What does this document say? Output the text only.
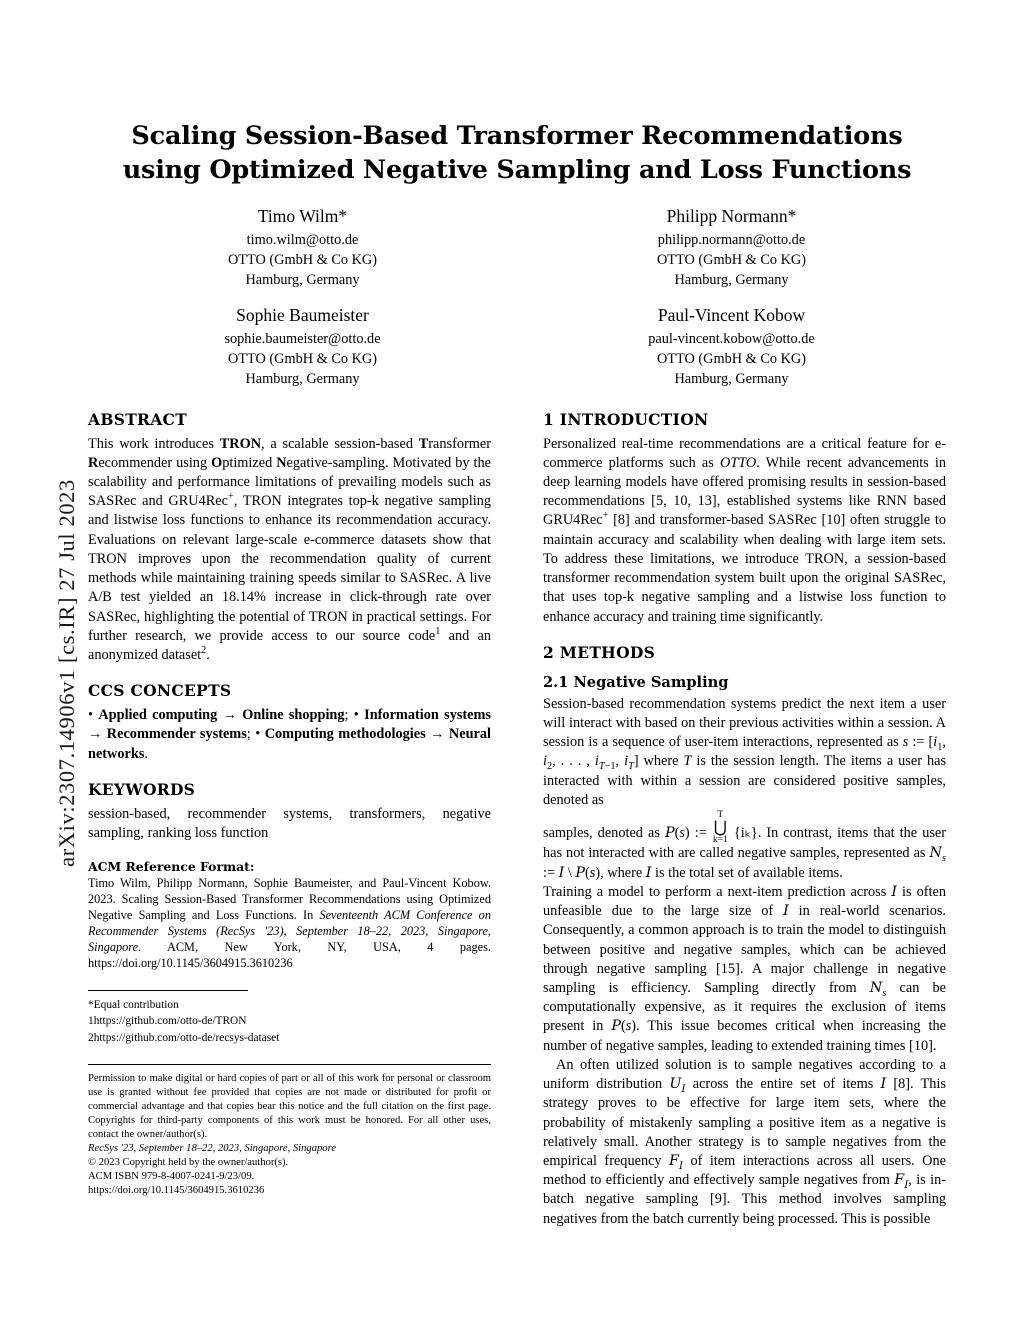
arXiv:2307.14906v1 [cs.IR] 27 Jul 2023
Scaling Session-Based Transformer Recommendations using Optimized Negative Sampling and Loss Functions
Timo Wilm*
timo.wilm@otto.de
OTTO (GmbH & Co KG)
Hamburg, Germany
Philipp Normann*
philipp.normann@otto.de
OTTO (GmbH & Co KG)
Hamburg, Germany
Sophie Baumeister
sophie.baumeister@otto.de
OTTO (GmbH & Co KG)
Hamburg, Germany
Paul-Vincent Kobow
paul-vincent.kobow@otto.de
OTTO (GmbH & Co KG)
Hamburg, Germany
ABSTRACT

This work introduces TRON, a scalable session-based Transformer Recommender using Optimized Negative-sampling. Motivated by the scalability and performance limitations of prevailing models such as SASRec and GRU4Rec+, TRON integrates top-k negative sampling and listwise loss functions to enhance its recommendation accuracy. Evaluations on relevant large-scale e-commerce datasets show that TRON improves upon the recommendation quality of current methods while maintaining training speeds similar to SASRec. A live A/B test yielded an 18.14% increase in click-through rate over SASRec, highlighting the potential of TRON in practical settings. For further research, we provide access to our source code$^1$ and an anonymized dataset$^2$.

CCS CONCEPTS

• Applied computing → Online shopping; • Information systems → Recommender systems; • Computing methodologies → Neural networks.

KEYWORDS

session-based, recommender systems, transformers, negative sampling, ranking loss function

ACM Reference Format:

Timo Wilm, Philipp Normann, Sophie Baumeister, and Paul-Vincent Kobow. 2023. Scaling Session-Based Transformer Recommendations using Optimized Negative Sampling and Loss Functions. In Seventeenth ACM Conference on Recommender Systems (RecSys '23), September 18–22, 2023, Singapore, Singapore. ACM, New York, NY, USA, 4 pages. https://doi.org/10.1145/3604915.3610236

*Equal contribution
1https://github.com/otto-de/TRON
2https://github.com/otto-de/recsys-dataset
Permission to make digital or hard copies of part or all of this work for personal or classroom use is granted without fee provided that copies are not made or distributed for profit or commercial advantage and that copies bear this notice and the full citation on the first page. Copyrights for third-party components of this work must be honored. For all other uses, contact the owner/author(s).
RecSys '23, September 18–22, 2023, Singapore, Singapore
© 2023 Copyright held by the owner/author(s).
ACM ISBN 979-8-4007-0241-9/23/09.
https://doi.org/10.1145/3604915.3610236
1 INTRODUCTION

Personalized real-time recommendations are a critical feature for e-commerce platforms such as OTTO. While recent advancements in deep learning models have offered promising results in session-based recommendations [5, 10, 13], established systems like RNN based GRU4Rec+ [8] and transformer-based SASRec [10] often struggle to maintain accuracy and scalability when dealing with large item sets. To address these limitations, we introduce TRON, a session-based transformer recommendation system built upon the original SASRec, that uses top-k negative sampling and a listwise loss function to enhance accuracy and training time significantly.

2 METHODS
2.1 Negative Sampling

Session-based recommendation systems predict the next item a user will interact with based on their previous activities within a session. A session is a sequence of user-item interactions, represented as s := [$i_1$, $i_2$, . . . , $i_{T-1}$, $i_T$] where T is the session length. The items a user has interacted with within a session are considered positive samples, denoted as

samples, denoted as P(s) :=
T
⋃
k=1 {iₖ}. In contrast, items that the user has not interacted with are called negative samples, represented as $N_s$ := I \ P(s), where I is the total set of available items.

Training a model to perform a next-item prediction across I is often unfeasible due to the large size of I in real-world scenarios. Consequently, a common approach is to train the model to distinguish between positive and negative samples, which can be achieved through negative sampling [15]. A major challenge in negative sampling is efficiency. Sampling directly from $N_s$ can be computationally expensive, as it requires the exclusion of items present in P(s). This issue becomes critical when increasing the number of negative samples, leading to extended training times [10].

An often utilized solution is to sample negatives according to a uniform distribution $U_I$ across the entire set of items I [8]. This strategy proves to be effective for large item sets, where the probability of mistakenly sampling a positive item as a negative is relatively small. Another strategy is to sample negatives from the empirical frequency $F_I$ of item interactions across all users. One method to efficiently and effectively sample negatives from $F_I$, is in-batch negative sampling [9]. This method involves sampling negatives from the batch currently being processed. This is possible
